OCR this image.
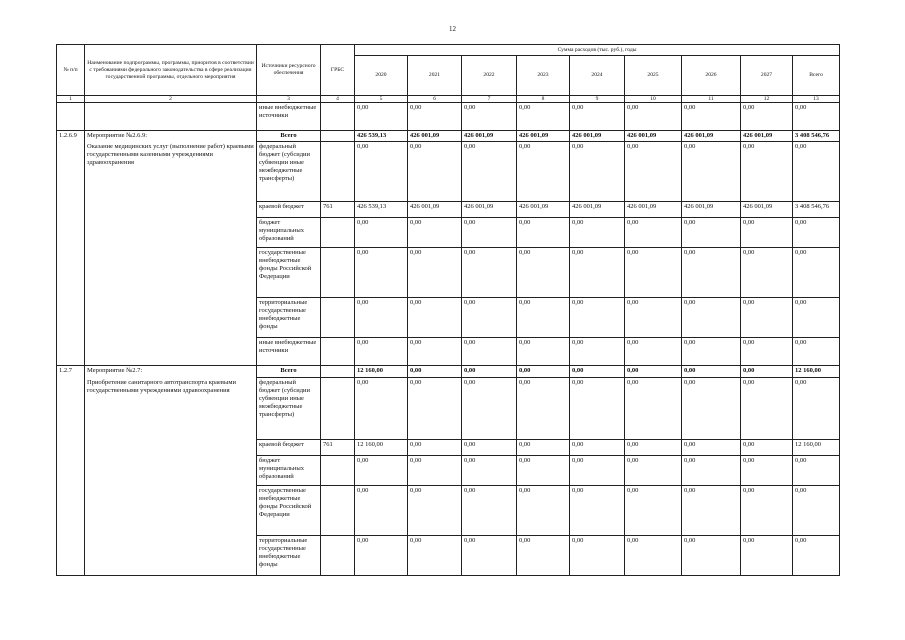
12
№ п/п	Наименование подпрограммы, программы, приоритов в соответствии с требованиями федерального законодательства в сфере реализации государственной программы, отдельного мероприятия	Источники ресурсного обеспечения	ГРБС	Сумма расходов (тыс. руб.), годы								
				2020	2021	2022	2023	2024	2025	2026	2027	Всего
1	2	3	4	5	6	7	8	9	10	11	12	13
		иные внебюджетные источники		0,00	0,00	0,00	0,00	0,00	0,00	0,00	0,00	0,00
1.2.6.9	Мероприятие №2.6.9:	Всего		426 539,13	426 001,09	426 001,09	426 001,09	426 001,09	426 001,09	426 001,09	426 001,09	3 408 546,76
	Оказание медицинских услуг (выполнение работ) краевыми государственными казенными учреждениями здравоохранения	федеральный бюджет (субсидии субвенции иные межбюджетные трансферты)		0,00	0,00	0,00	0,00	0,00	0,00	0,00	0,00	0,00
		краевой бюджет	761	426 539,13	426 001,09	426 001,09	426 001,09	426 001,09	426 001,09	426 001,09	426 001,09	3 408 546,76
		бюджет муниципальных образований		0,00	0,00	0,00	0,00	0,00	0,00	0,00	0,00	0,00
		государственные внебюджетные фонды Российской Федерации		0,00	0,00	0,00	0,00	0,00	0,00	0,00	0,00	0,00
		территориальные государственные внебюджетные фонды		0,00	0,00	0,00	0,00	0,00	0,00	0,00	0,00	0,00
		иные внебюджетные источники		0,00	0,00	0,00	0,00	0,00	0,00	0,00	0,00	0,00
1.2.7	Мероприятие №2.7:	Всего		12 160,00	0,00	0,00	0,00	0,00	0,00	0,00	0,00	12 160,00
	Приобретение санитарного автотранспорта краевыми государственными учреждениями здравоохранения	федеральный бюджет (субсидии субвенции иные межбюджетные трансферты)		0,00	0,00	0,00	0,00	0,00	0,00	0,00	0,00	0,00
		краевой бюджет	761	12 160,00	0,00	0,00	0,00	0,00	0,00	0,00	0,00	12 160,00
		бюджет муниципальных образований		0,00	0,00	0,00	0,00	0,00	0,00	0,00	0,00	0,00
		государственные внебюджетные фонды Российской Федерации		0,00	0,00	0,00	0,00	0,00	0,00	0,00	0,00	0,00
		территориальные государственные внебюджетные фонды		0,00	0,00	0,00	0,00	0,00	0,00	0,00	0,00	0,00
